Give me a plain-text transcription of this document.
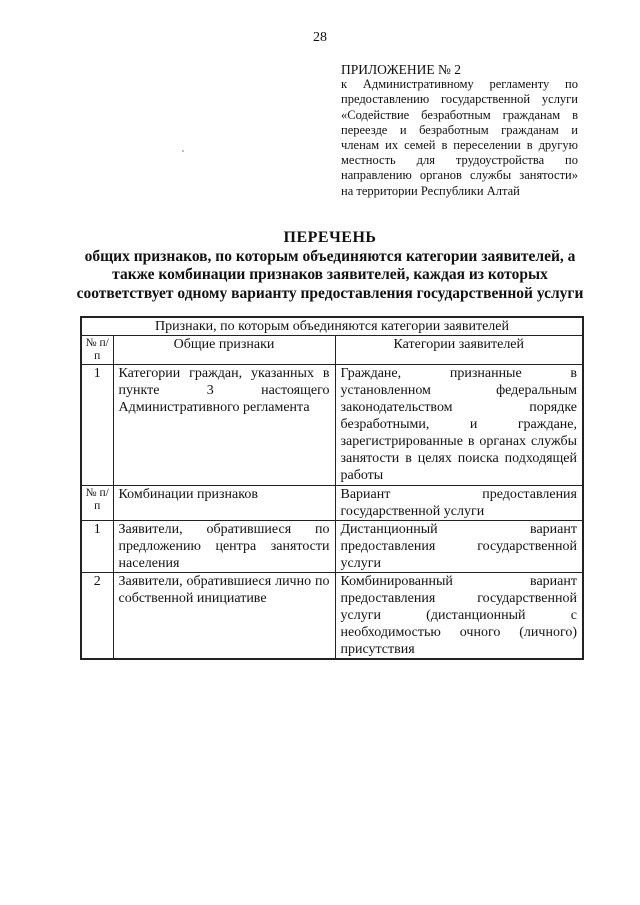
28
ПРИЛОЖЕНИЕ № 2
к Административному регламенту по предоставлению государственной услуги «Содействие безработным гражданам в переезде и безработным гражданам и членам их семей в переселении в другую местность для трудоустройства по направлению органов службы занятости» на территории Республики Алтай
ПЕРЕЧЕНЬ
общих признаков, по которым объединяются категории заявителей, а
также комбинации признаков заявителей, каждая из которых
соответствует одному варианту предоставления государственной услуги
Признаки, по которым объединяются категории заявителей		
№ п/п	Общие признаки	Категории заявителей
1	Категории граждан, указанных в пункте 3 настоящего Административного регламента	Граждане, признанные в установленном федеральным законодательством порядке безработными, и граждане, зарегистрированные в органах службы занятости в целях поиска подходящей работы
№ п/п	Комбинации признаков	Вариант предоставления государственной услуги
1	Заявители, обратившиеся по предложению центра занятости населения	Дистанционный вариант предоставления государственной услуги
2	Заявители, обратившиеся лично по собственной инициативе	Комбинированный вариант предоставления государственной услуги (дистанционный с необходимостью очного (личного) присутствия
